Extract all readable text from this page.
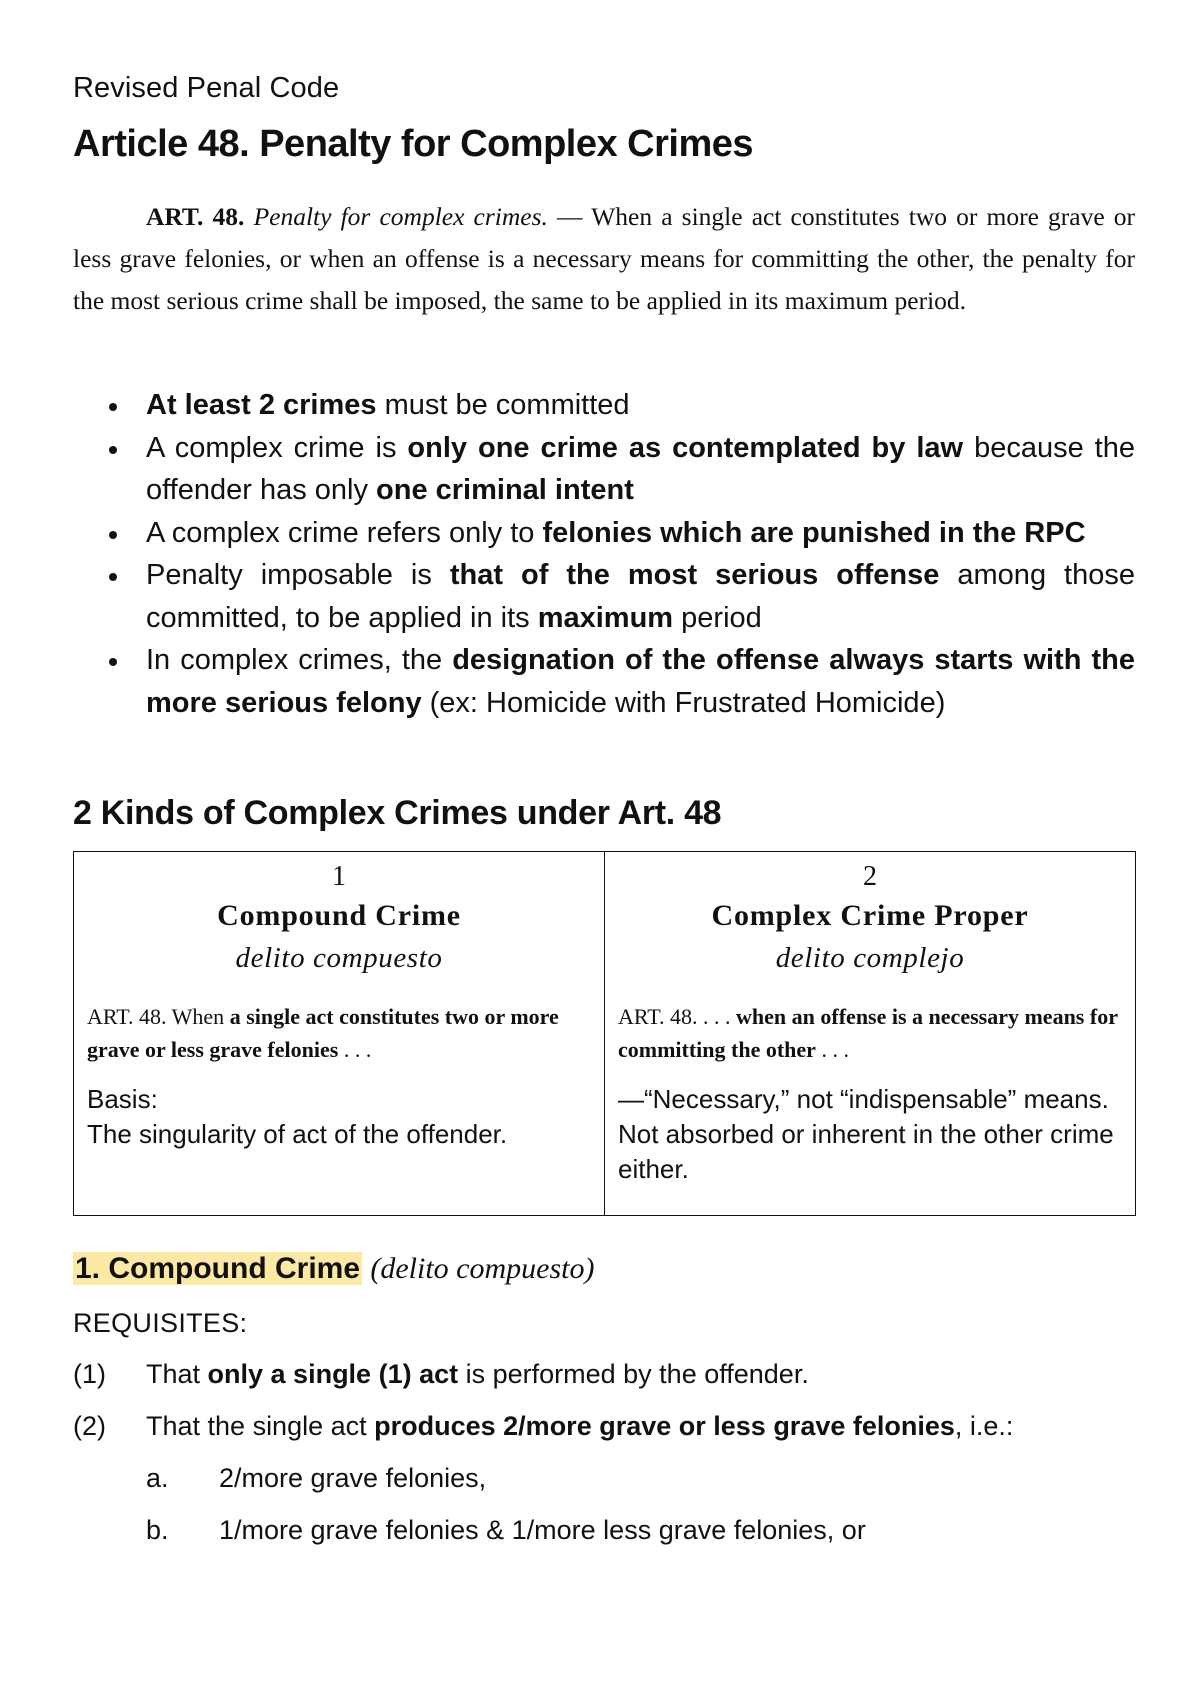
Revised Penal Code
Article 48. Penalty for Complex Crimes

ART. 48. Penalty for complex crimes. — When a single act constitutes two or more grave or less grave felonies, or when an offense is a necessary means for committing the other, the penalty for the most serious crime shall be imposed, the same to be applied in its maximum period.

At least 2 crimes must be committed
A complex crime is only one crime as contemplated by law because the offender has only one criminal intent
A complex crime refers only to felonies which are punished in the RPC
Penalty imposable is that of the most serious offense among those committed, to be applied in its maximum period
In complex crimes, the designation of the offense always starts with the more serious felony (ex: Homicide with Frustrated Homicide)
2 Kinds of Complex Crimes under Art. 48
1
Compound Crime
delito compuesto
ART. 48. When a single act constitutes two or more grave or less grave felonies . . .
Basis:
The singularity of act of the offender.

2
Complex Crime Proper
delito complejo
ART. 48. . . . when an offense is a necessary means for committing the other . . .
—“Necessary,” not “indispensable” means. Not absorbed or inherent in the other crime either.
1. Compound Crime (delito compuesto)
REQUISITES:
(1) That only a single (1) act is performed by the offender.
(2) That the single act produces 2/more grave or less grave felonies, i.e.:
a. 2/more grave felonies,
b. 1/more grave felonies & 1/more less grave felonies, or
